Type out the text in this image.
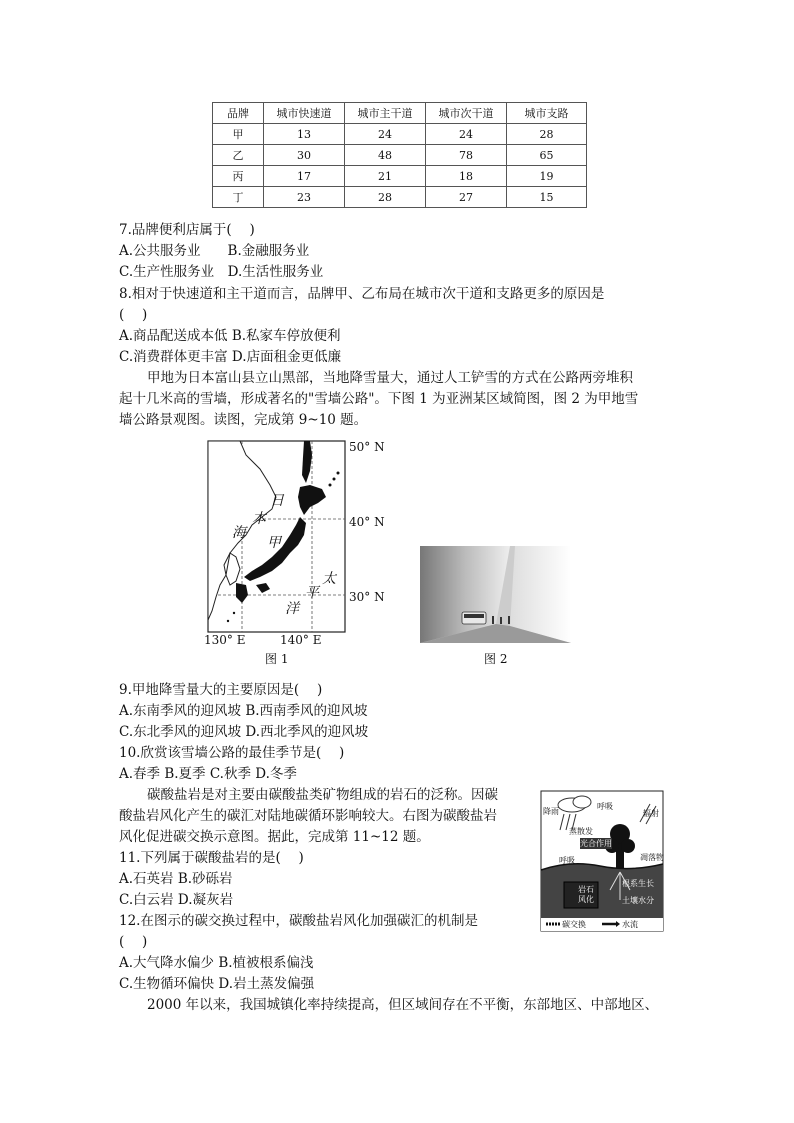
品牌	城市快速道	城市主干道	城市次干道	城市支路
甲	13	24	24	28
乙	30	48	78	65
丙	17	21	18	19
丁	23	28	27	15
7.品牌便利店属于(　 )
A.公共服务业　　B.金融服务业
C.生产性服务业　D.生活性服务业
8.相对于快速道和主干道而言，品牌甲、乙布局在城市次干道和支路更多的原因是
(　 )
A.商品配送成本低 B.私家车停放便利
C.消费群体更丰富 D.店面租金更低廉
甲地为日本富山县立山黑部，当地降雪量大，通过人工铲雪的方式在公路两旁堆积
起十几米高的雪墙，形成著名的"雪墙公路"。下图 1 为亚洲某区域简图，图 2 为甲地雪
墙公路景观图。读图，完成第 9~10 题。
50° N
40° N
30° N
130° E	140° E
日
本
海
甲
太
平
洋
图 1	图 2
9.甲地降雪量大的主要原因是(　 )
A.东南季风的迎风坡 B.西南季风的迎风坡
C.东北季风的迎风坡 D.西北季风的迎风坡
10.欣赏该雪墙公路的最佳季节是(　 )
A.春季 B.夏季 C.秋季 D.冬季
碳酸盐岩是对主要由碳酸盐类矿物组成的岩石的泛称。因碳
酸盐岩风化产生的碳汇对陆地碳循环影响较大。右图为碳酸盐岩
风化促进碳交换示意图。据此，完成第 11~12 题。
降雨
呼吸
辐射
蒸散发
光合作用
凋落物
呼吸
岩石
风化
根系生长
土壤水分
碳交换	水流
11.下列属于碳酸盐岩的是(　 )
A.石英岩 B.砂砾岩
C.白云岩 D.凝灰岩
12.在图示的碳交换过程中，碳酸盐岩风化加强碳汇的机制是
(　 )
A.大气降水偏少 B.植被根系偏浅
C.生物循环偏快 D.岩土蒸发偏强
2000 年以来，我国城镇化率持续提高，但区域间存在不平衡，东部地区、中部地区、
